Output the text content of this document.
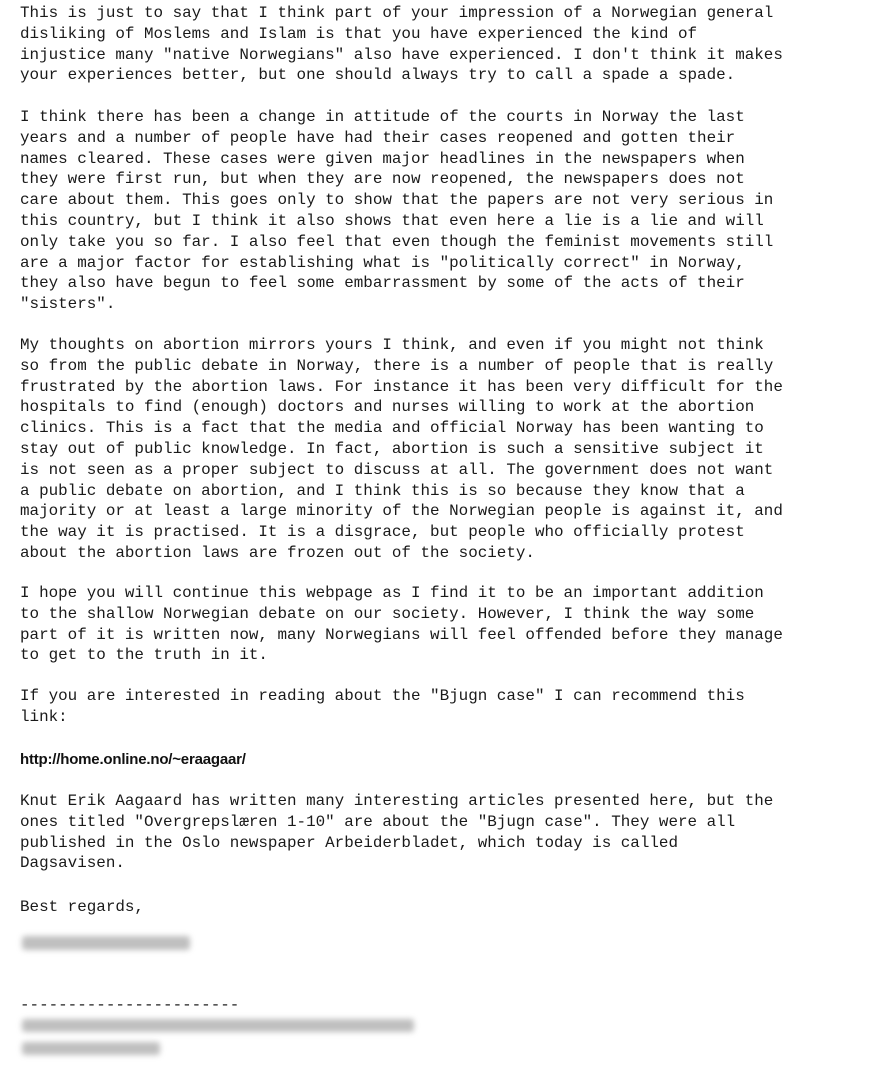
This is just to say that I think part of your impression of a Norwegian general
disliking of Moslems and Islam is that you have experienced the kind of
injustice many "native Norwegians" also have experienced. I don't think it makes
your experiences better, but one should always try to call a spade a spade.

I think there has been a change in attitude of the courts in Norway the last
years and a number of people have had their cases reopened and gotten their
names cleared. These cases were given major headlines in the newspapers when
they were first run, but when they are now reopened, the newspapers does not
care about them. This goes only to show that the papers are not very serious in
this country, but I think it also shows that even here a lie is a lie and will
only take you so far. I also feel that even though the feminist movements still
are a major factor for establishing what is "politically correct" in Norway,
they also have begun to feel some embarrassment by some of the acts of their
"sisters".

My thoughts on abortion mirrors yours I think, and even if you might not think
so from the public debate in Norway, there is a number of people that is really
frustrated by the abortion laws. For instance it has been very difficult for the
hospitals to find (enough) doctors and nurses willing to work at the abortion
clinics. This is a fact that the media and official Norway has been wanting to
stay out of public knowledge. In fact, abortion is such a sensitive subject it
is not seen as a proper subject to discuss at all. The government does not want
a public debate on abortion, and I think this is so because they know that a
majority or at least a large minority of the Norwegian people is against it, and
the way it is practised. It is a disgrace, but people who officially protest
about the abortion laws are frozen out of the society.

I hope you will continue this webpage as I find it to be an important addition
to the shallow Norwegian debate on our society. However, I think the way some
part of it is written now, many Norwegians will feel offended before they manage
to get to the truth in it.

If you are interested in reading about the "Bjugn case" I can recommend this
link:

http://home.online.no/~eraagaar/

Knut Erik Aagaard has written many interesting articles presented here, but the
ones titled "Overgrepslæren 1-10" are about the "Bjugn case". They were all
published in the Oslo newspaper Arbeiderbladet, which today is called
Dagsavisen.

Best regards,

-----------------------
